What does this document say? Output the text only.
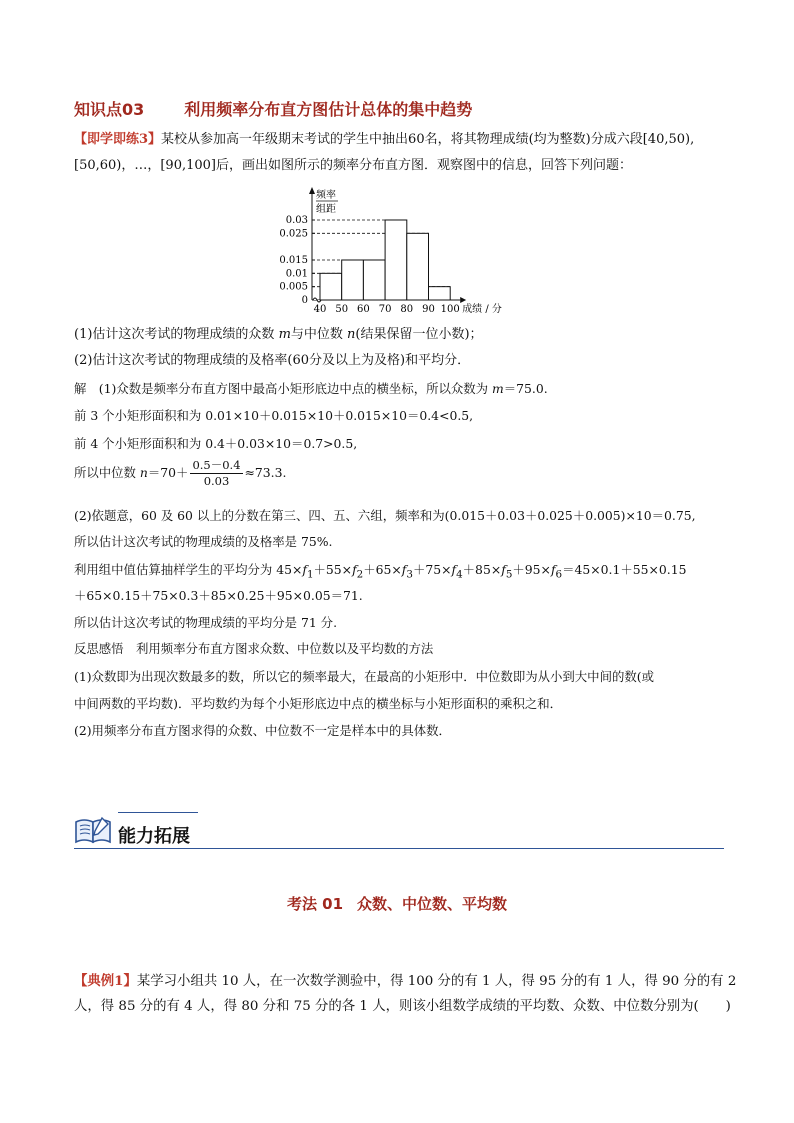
知识点03	利用频率分布直方图估计总体的集中趋势
【即学即练3】某校从参加高一年级期末考试的学生中抽出60名，将其物理成绩(均为整数)分成六段[40,50),
[50,60)，…，[90,100]后，画出如图所示的频率分布直方图．观察图中的信息，回答下列问题：
频率
组距
0.03
0.025
0.015
0.01
0.005
0
40 50 60 70 80 90 100 成绩 / 分
(1)估计这次考试的物理成绩的众数 m与中位数 n(结果保留一位小数)；
(2)估计这次考试的物理成绩的及格率(60分及以上为及格)和平均分．
解　(1)众数是频率分布直方图中最高小矩形底边中点的横坐标，所以众数为 m＝75.0.
前 3 个小矩形面积和为 0.01×10＋0.015×10＋0.015×10＝0.4<0.5,
前 4 个小矩形面积和为 0.4＋0.03×10＝0.7>0.5,
所以中位数 $n=70+ \frac{0.5-0.4}{0.03} \approx 73.3$.
(2)依题意，60 及 60 以上的分数在第三、四、五、六组，频率和为(0.015＋0.03＋0.025＋0.005)×10＝0.75,
所以估计这次考试的物理成绩的及格率是 75%.
利用组中值估算抽样学生的平均分为 $45\times f_1+55\times f_2+65\times f_3+75\times f_4+85\times f_5+95\times f_6=45\times 0.1+55\times 0.15$
＋65×0.15＋75×0.3＋85×0.25＋95×0.05＝71.
所以估计这次考试的物理成绩的平均分是 71 分.
反思感悟　利用频率分布直方图求众数、中位数以及平均数的方法
(1)众数即为出现次数最多的数，所以它的频率最大，在最高的小矩形中．中位数即为从小到大中间的数(或
中间两数的平均数)．平均数约为每个小矩形底边中点的横坐标与小矩形面积的乘积之和．
(2)用频率分布直方图求得的众数、中位数不一定是样本中的具体数．
能力拓展
考法 01 众数、中位数、平均数
【典例1】某学习小组共 10 人，在一次数学测验中，得 100 分的有 1 人，得 95 分的有 1 人，得 90 分的有 2
人，得 85 分的有 4 人，得 80 分和 75 分的各 1 人，则该小组数学成绩的平均数、众数、中位数分别为(　　)
